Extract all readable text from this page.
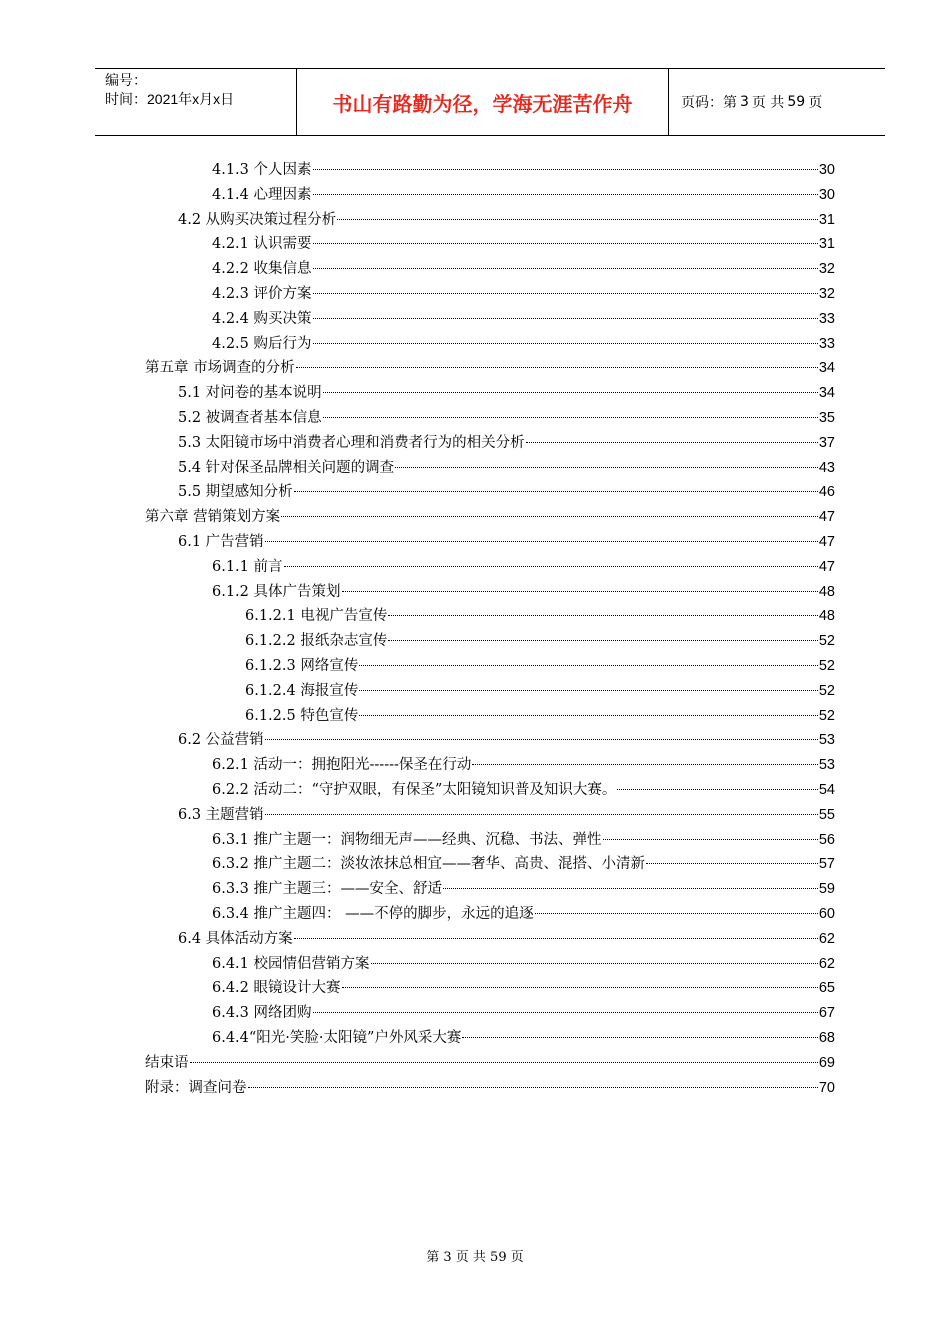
编号：
时间：2021年x月x日	书山有路勤为径，学海无涯苦作舟	页码：第 3 页 共 59 页
4.1.3 个人因素	30
4.1.4 心理因素	30
4.2 从购买决策过程分析	31
4.2.1 认识需要	31
4.2.2 收集信息	32
4.2.3 评价方案	32
4.2.4 购买决策	33
4.2.5 购后行为	33
第五章 市场调查的分析	34
5.1 对问卷的基本说明	34
5.2 被调查者基本信息	35
5.3 太阳镜市场中消费者心理和消费者行为的相关分析	37
5.4 针对保圣品牌相关问题的调查	43
5.5 期望感知分析	46
第六章 营销策划方案	47
6.1 广告营销	47
6.1.1 前言	47
6.1.2 具体广告策划	48
6.1.2.1 电视广告宣传	48
6.1.2.2 报纸杂志宣传	52
6.1.2.3 网络宣传	52
6.1.2.4 海报宣传	52
6.1.2.5 特色宣传	52
6.2 公益营销	53
6.2.1 活动一：拥抱阳光------保圣在行动	53
6.2.2 活动二：“守护双眼，有保圣”太阳镜知识普及知识大赛。	54
6.3 主题营销	55
6.3.1 推广主题一：润物细无声——经典、沉稳、书法、弹性	56
6.3.2 推广主题二：淡妆浓抹总相宜——奢华、高贵、混搭、小清新	57
6.3.3 推广主题三：——安全、舒适	59
6.3.4 推广主题四： ——不停的脚步，永远的追逐	60
6.4 具体活动方案	62
6.4.1 校园情侣营销方案	62
6.4.2 眼镜设计大赛	65
6.4.3 网络团购	67
6.4.4“阳光·笑脸·太阳镜”户外风采大赛	68
结束语	69
附录：调查问卷	70
第 3 页 共 59 页
